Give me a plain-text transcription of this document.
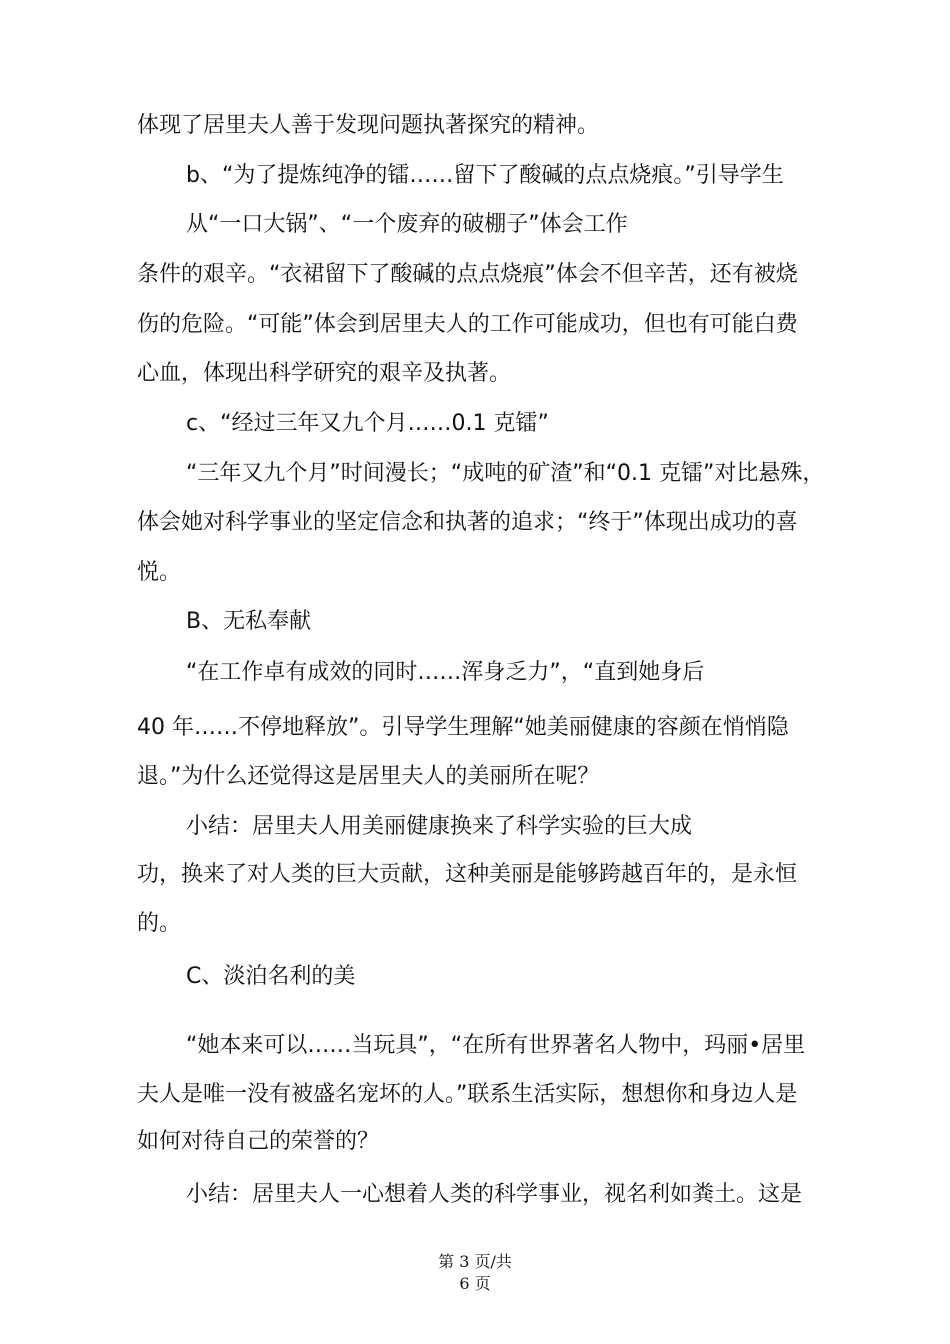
体现了居里夫人善于发现问题执著探究的精神。
b、“为了提炼纯净的镭……留下了酸碱的点点烧痕。”引导学生
从“一口大锅”、“一个废弃的破棚子”体会工作
条件的艰辛。“衣裙留下了酸碱的点点烧痕”体会不但辛苦，还有被烧
伤的危险。“可能”体会到居里夫人的工作可能成功，但也有可能白费
心血，体现出科学研究的艰辛及执著。
c、“经过三年又九个月……0.1 克镭”
“三年又九个月”时间漫长；“成吨的矿渣”和“0.1 克镭”对比悬殊，
体会她对科学事业的坚定信念和执著的追求；“终于”体现出成功的喜
悦。
B、无私奉献
“在工作卓有成效的同时……浑身乏力”，“直到她身后
40 年……不停地释放”。引导学生理解“她美丽健康的容颜在悄悄隐
退。”为什么还觉得这是居里夫人的美丽所在呢？
小结：居里夫人用美丽健康换来了科学实验的巨大成
功，换来了对人类的巨大贡献，这种美丽是能够跨越百年的，是永恒
的。
C、淡泊名利的美
“她本来可以……当玩具”，“在所有世界著名人物中，玛丽•居里
夫人是唯一没有被盛名宠坏的人。”联系生活实际，想想你和身边人是
如何对待自己的荣誉的？
小结：居里夫人一心想着人类的科学事业，视名利如粪土。这是
第 3 页/共
6 页
